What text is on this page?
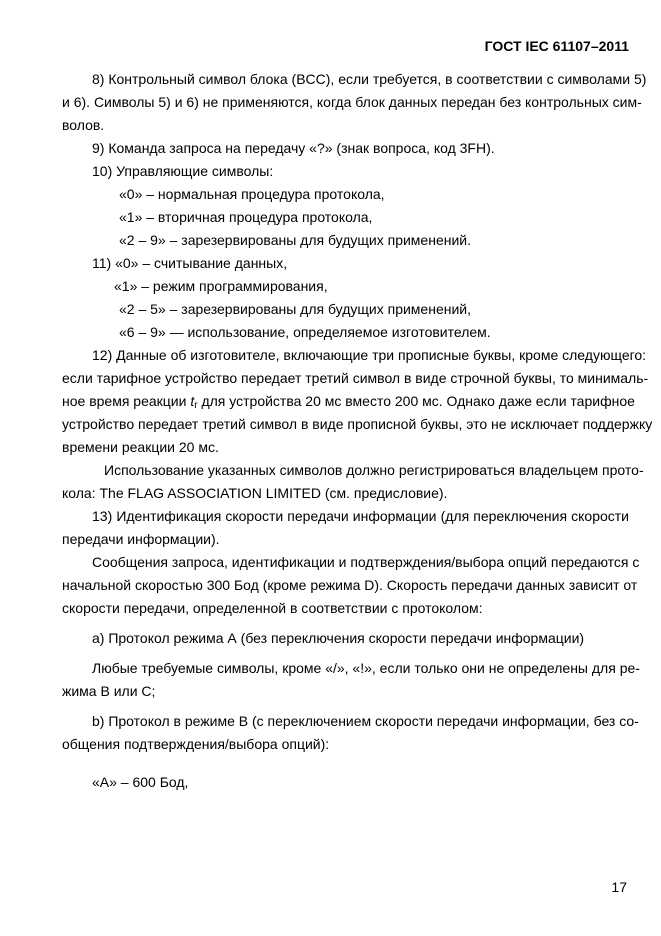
ГОСТ IEC 61107–2011
8) Контрольный символ блока (BCC), если требуется, в соответствии с символами 5)
и 6). Символы 5) и 6) не применяются, когда блок данных передан без контрольных сим-
волов.
9) Команда запроса на передачу «?» (знак вопроса, код 3FH).
10) Управляющие символы:
«0» – нормальная процедура протокола,
«1» – вторичная процедура протокола,
«2 – 9» – зарезервированы для будущих применений.
11) «0» – считывание данных,
«1» – режим программирования,
«2 – 5» – зарезервированы для будущих применений,
«6 – 9» — использование, определяемое изготовителем.
12) Данные об изготовителе, включающие три прописные буквы, кроме следующего:
если тарифное устройство передает третий символ в виде строчной буквы, то минималь-
ное время реакции $t_r$ для устройства 20 мс вместо 200 мс. Однако даже если тарифное
устройство передает третий символ в виде прописной буквы, это не исключает поддержку
времени реакции 20 мс.
Использование указанных символов должно регистрироваться владельцем прото-
кола: The FLAG ASSOCIATION LIMITED (см. предисловие).
13) Идентификация скорости передачи информации (для переключения скорости
передачи информации).
Сообщения запроса, идентификации и подтверждения/выбора опций передаются с
начальной скоростью 300 Бод (кроме режима D). Скорость передачи данных зависит от
скорости передачи, определенной в соответствии с протоколом:
a) Протокол режима А (без переключения скорости передачи информации)
Любые требуемые символы, кроме «/», «!», если только они не определены для ре-
жима В или С;
b) Протокол в режиме В (с переключением скорости передачи информации, без со-
общения подтверждения/выбора опций):
«А» – 600 Бод,
17
